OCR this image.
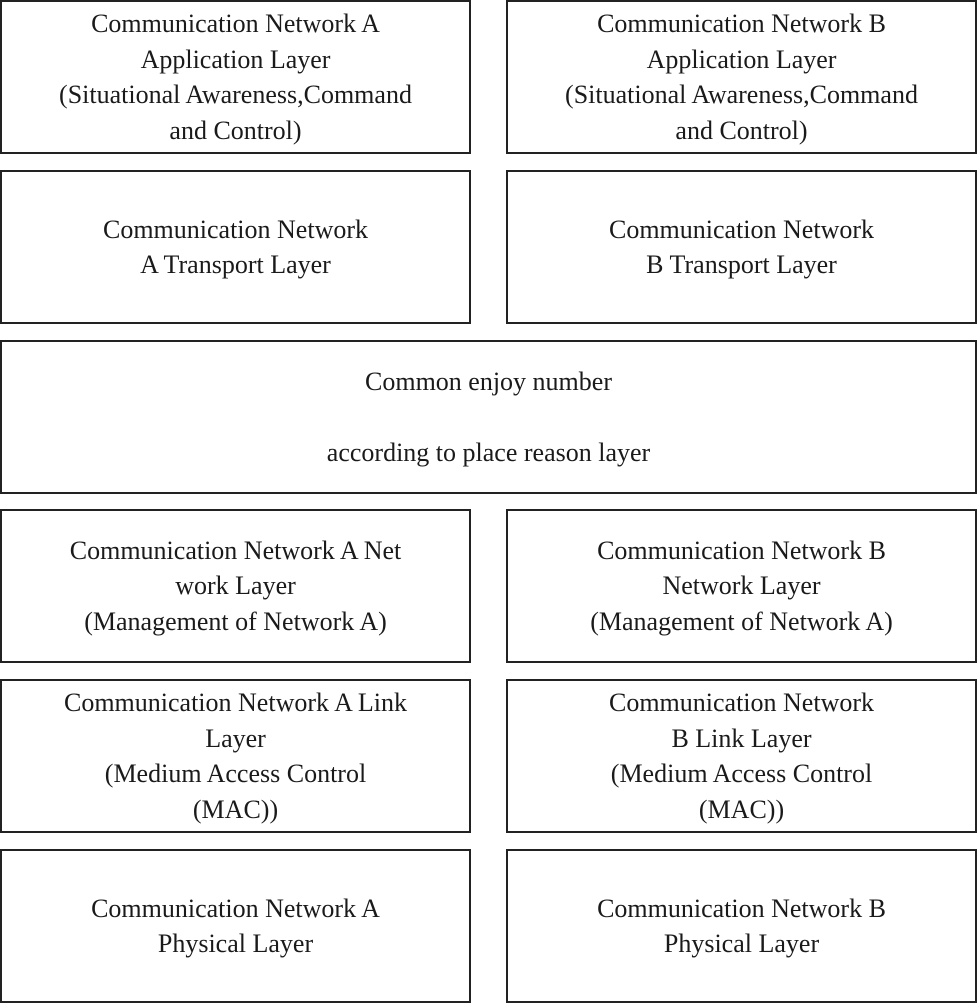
Communication Network A
Application Layer
(Situational Awareness,Command
and Control)
Communication Network B
Application Layer
(Situational Awareness,Command
and Control)
Communication Network
A Transport Layer
Communication Network
B Transport Layer
Common enjoy number
according to place reason layer
Communication Network A Net
work Layer
(Management of Network A)
Communication Network B
Network Layer
(Management of Network A)
Communication Network A Link
Layer
(Medium Access Control
(MAC))
Communication Network
B Link Layer
(Medium Access Control
(MAC))
Communication Network A
Physical Layer
Communication Network B
Physical Layer
